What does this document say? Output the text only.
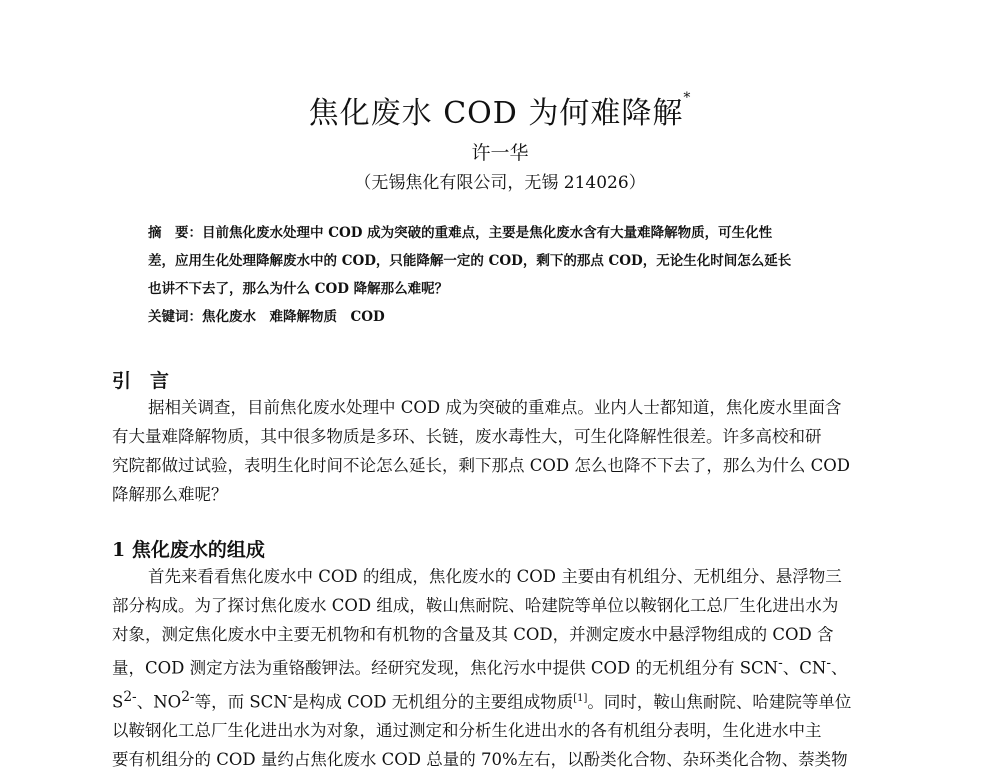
焦化废水 COD 为何难降解*
许一华
（无锡焦化有限公司，无锡 214026）
摘　要：目前焦化废水处理中 COD 成为突破的重难点，主要是焦化废水含有大量难降解物质，可生化性
差，应用生化处理降解废水中的 COD，只能降解一定的 COD，剩下的那点 COD，无论生化时间怎么延长
也讲不下去了，那么为什么 COD 降解那么难呢？
关键词：焦化废水　难降解物质　COD
引　言
据相关调查，目前焦化废水处理中 COD 成为突破的重难点。业内人士都知道，焦化废水里面含
有大量难降解物质，其中很多物质是多环、长链，废水毒性大，可生化降解性很差。许多高校和研
究院都做过试验，表明生化时间不论怎么延长，剩下那点 COD 怎么也降不下去了，那么为什么 COD
降解那么难呢？
1 焦化废水的组成
首先来看看焦化废水中 COD 的组成，焦化废水的 COD 主要由有机组分、无机组分、悬浮物三
部分构成。为了探讨焦化废水 COD 组成，鞍山焦耐院、哈建院等单位以鞍钢化工总厂生化进出水为
对象，测定焦化废水中主要无机物和有机物的含量及其 COD，并测定废水中悬浮物组成的 COD 含
量，COD 测定方法为重铬酸钾法。经研究发现，焦化污水中提供 COD 的无机组分有 SCN-、CN-、
$S^{2-}$、$NO^{2-}$等，而 SCN-是构成 COD 无机组分的主要组成物质[1]。同时，鞍山焦耐院、哈建院等单位
以鞍钢化工总厂生化进出水为对象，通过测定和分析生化进出水的各有机组分表明，生化进水中主
要有机组分的 COD 量约占焦化废水 COD 总量的 70%左右，以酚类化合物、杂环类化合物、萘类物
